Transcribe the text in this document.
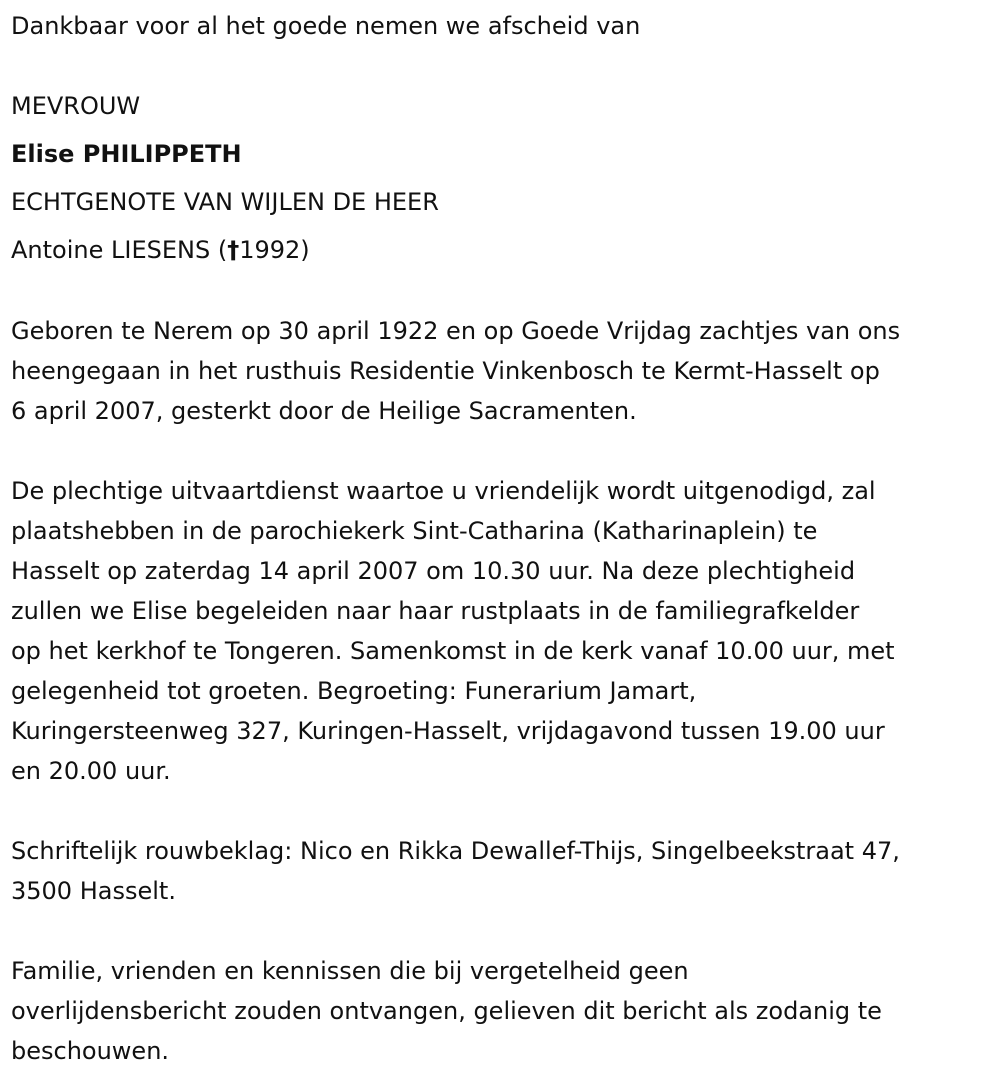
Dankbaar voor al het goede nemen we afscheid van

MEVROUW

Elise PHILIPPETH

ECHTGENOTE VAN WIJLEN DE HEER

Antoine LIESENS (†1992)

Geboren te Nerem op 30 april 1922 en op Goede Vrijdag zachtjes van ons
heengegaan in het rusthuis Residentie Vinkenbosch te Kermt-Hasselt op
6 april 2007, gesterkt door de Heilige Sacramenten.

De plechtige uitvaartdienst waartoe u vriendelijk wordt uitgenodigd, zal
plaatshebben in de parochiekerk Sint-Catharina (Katharinaplein) te
Hasselt op zaterdag 14 april 2007 om 10.30 uur. Na deze plechtigheid
zullen we Elise begeleiden naar haar rustplaats in de familiegrafkelder
op het kerkhof te Tongeren. Samenkomst in de kerk vanaf 10.00 uur, met
gelegenheid tot groeten. Begroeting: Funerarium Jamart,
Kuringersteenweg 327, Kuringen-Hasselt, vrijdagavond tussen 19.00 uur
en 20.00 uur.

Schriftelijk rouwbeklag: Nico en Rikka Dewallef-Thijs, Singelbeekstraat 47,
3500 Hasselt.

Familie, vrienden en kennissen die bij vergetelheid geen
overlijdensbericht zouden ontvangen, gelieven dit bericht als zodanig te
beschouwen.
